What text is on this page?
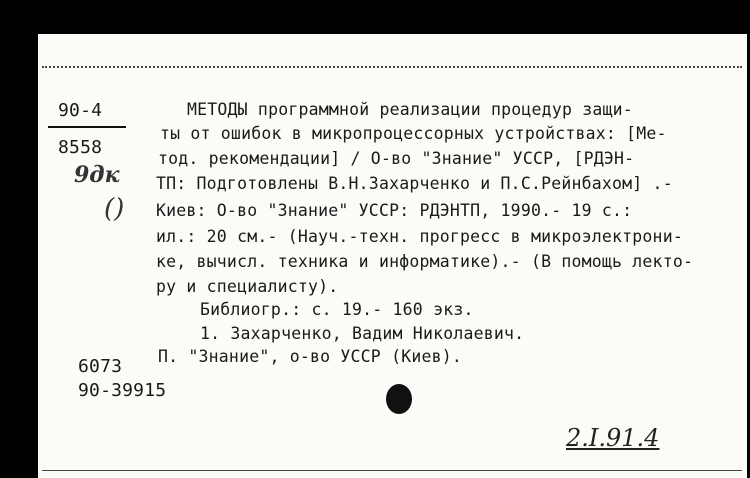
90-4
8558
9дк
()
МЕТОДЫ программной реализации процедур защи-
ты от ошибок в микропроцессорных устройствах: [Ме-
тод. рекомендации] / О-во "Знание" УССР, [РДЭН-
ТП: Подготовлены В.Н.Захарченко и П.С.Рейнбахом] .-
Киев: О-во "Знание" УССР: РДЭНТП, 1990.- 19 с.:
ил.: 20 см.- (Науч.-техн. прогресс в микроэлектрони-
ке, вычисл. техника и информатике).- (В помощь лекто-
ру и специалисту).
Библиогр.: с. 19.- 160 экз.
1. Захарченко, Вадим Николаевич.
6073 П. "Знание", о-во УССР (Киев).
90-39915
2.I.91.4
